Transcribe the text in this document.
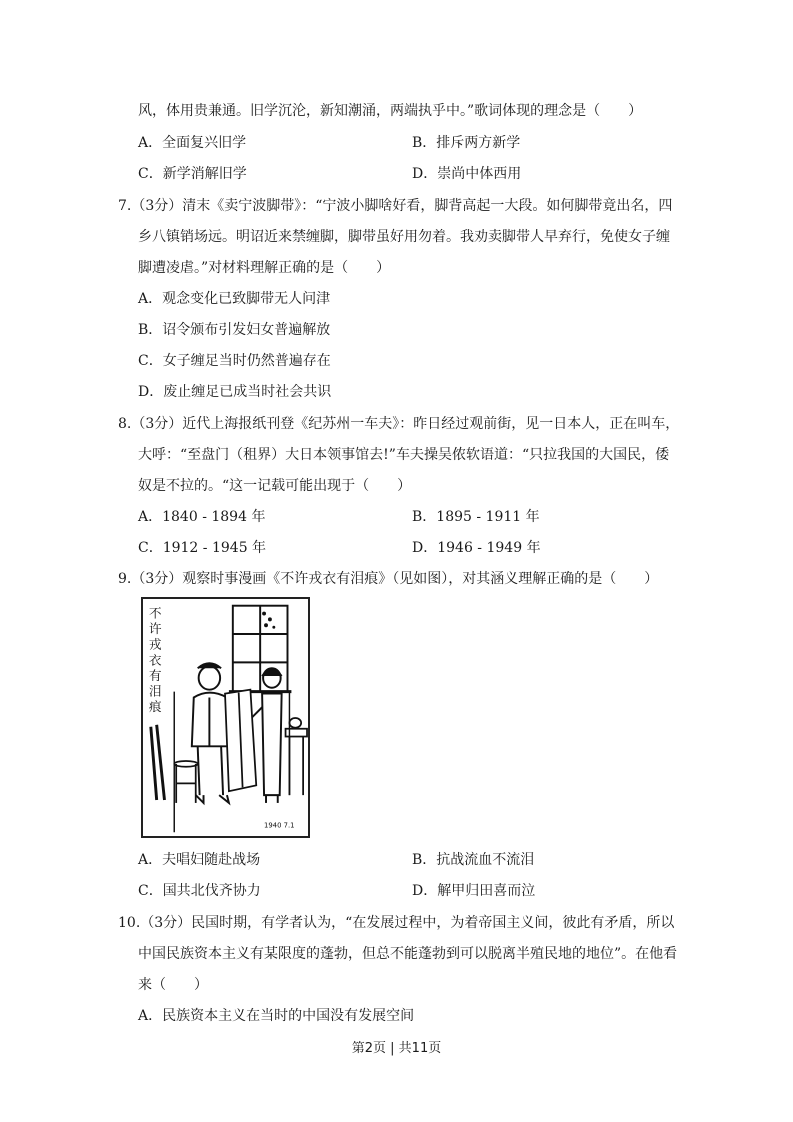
风，体用贵兼通。旧学沉沦，新知潮涌，两端执乎中。”歌词体现的理念是（　　）
A．全面复兴旧学	B．排斥两方新学
C．新学消解旧学	D．崇尚中体西用
7.（3分）清末《卖宁波脚带》：“宁波小脚啥好看，脚背高起一大段。如何脚带竟出名，四
乡八镇销场远。明诏近来禁缠脚，脚带虽好用勿着。我劝卖脚带人早弃行，免使女子缠
脚遭凌虐。”对材料理解正确的是（　　）
A．观念变化已致脚带无人问津
B．诏令颁布引发妇女普遍解放
C．女子缠足当时仍然普遍存在
D．废止缠足已成当时社会共识
8.（3分）近代上海报纸刊登《纪苏州一车夫》：昨日经过观前街，见一日本人，正在叫车，
大呼：“至盘门（租界）大日本领事馆去!”车夫操吴侬软语道：“只拉我国的大国民，倭
奴是不拉的。“这一记载可能出现于（　　）
A．1840 - 1894 年	B．1895 - 1911 年
C．1912 - 1945 年	D．1946 - 1949 年
9.（3分）观察时事漫画《不许戎衣有泪痕》（见如图），对其涵义理解正确的是（　　）
不
许
戎
衣
有
泪
痕
1940 7.1
A．夫唱妇随赴战场	B．抗战流血不流泪
C．国共北伐齐协力	D．解甲归田喜而泣
10.（3分）民国时期，有学者认为，“在发展过程中，为着帝国主义间，彼此有矛盾，所以
中国民族资本主义有某限度的蓬勃，但总不能蓬勃到可以脱离半殖民地的地位”。在他看
来（　　）
A．民族资本主义在当时的中国没有发展空间
第2页 | 共11页
